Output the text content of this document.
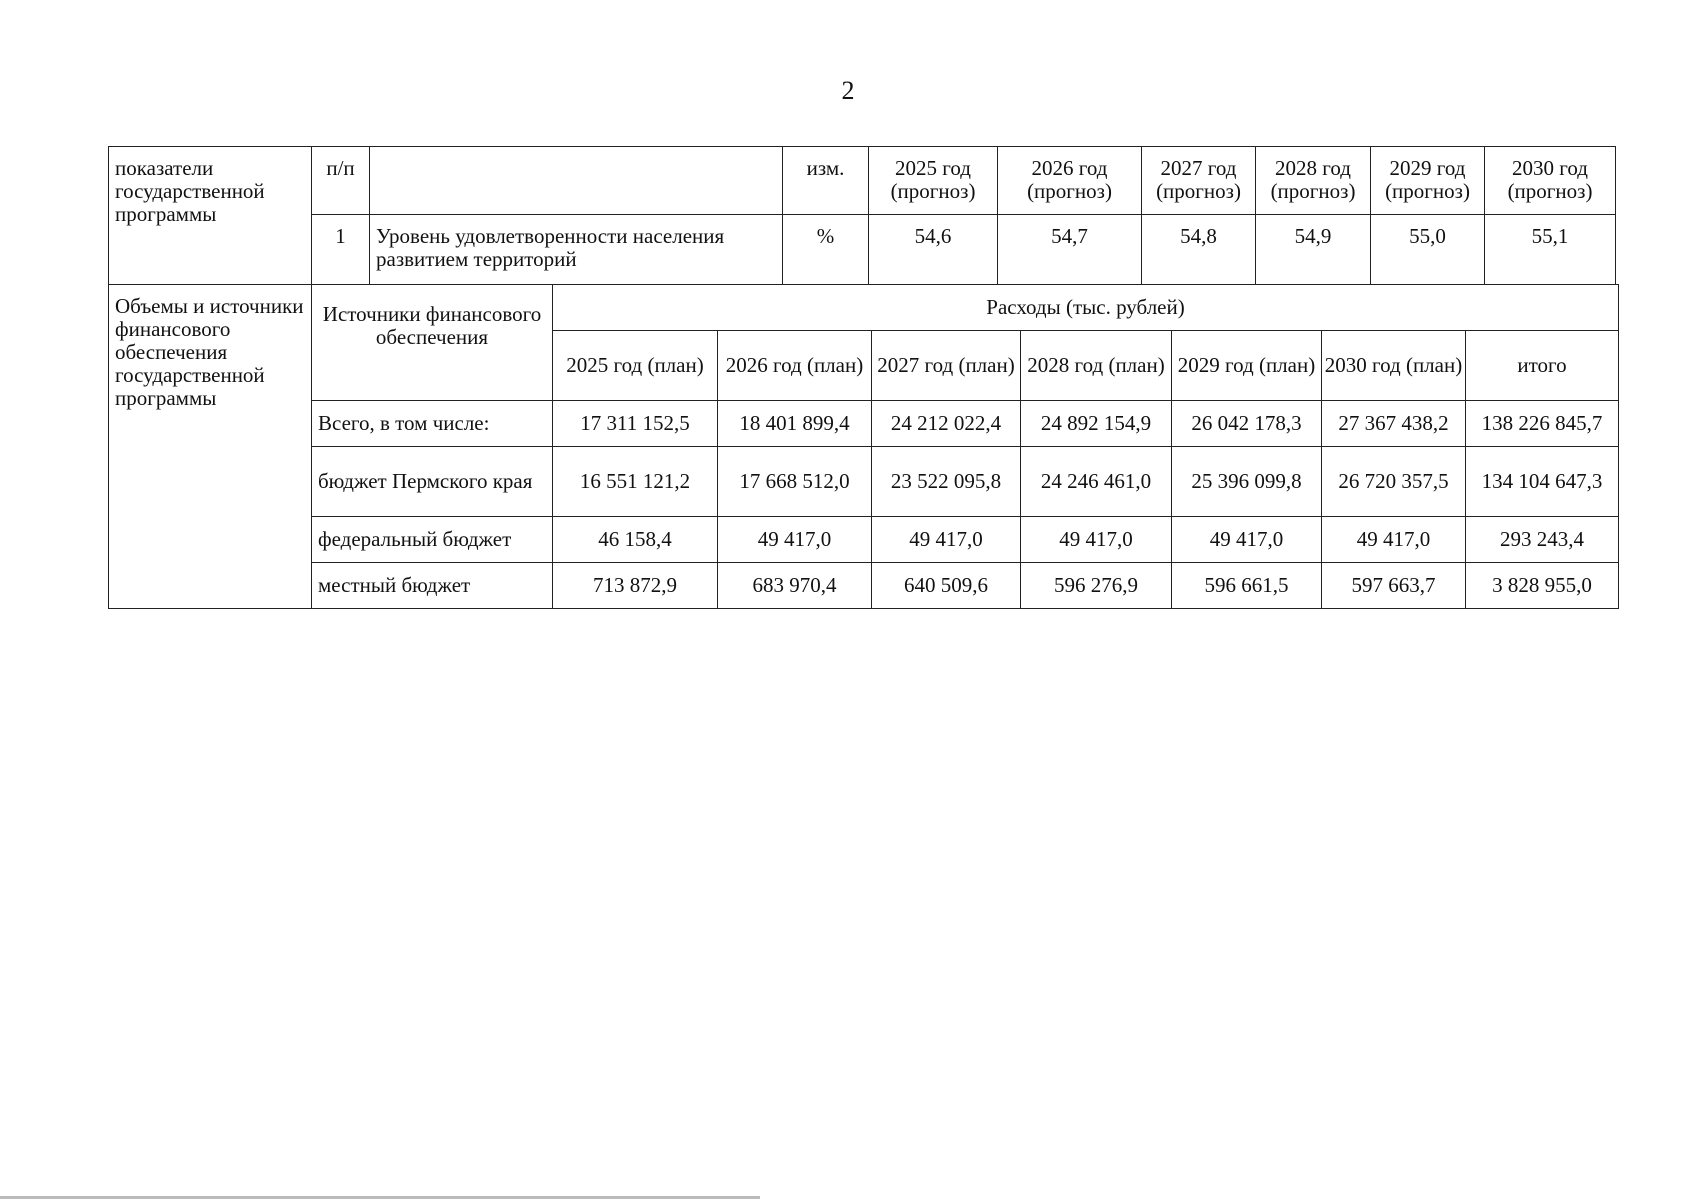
2
показатели государственной программы	п/п		изм.	2025 год (прогноз)	2026 год (прогноз)	2027 год (прогноз)	2028 год (прогноз)	2029 год (прогноз)	2030 год (прогноз)
	1	Уровень удовлетворенности населения развитием территорий	%	54,6	54,7	54,8	54,9	55,0	55,1
Объемы и источники финансового обеспечения государственной программы	Источники финансового обеспечения	Расходы (тыс. рублей)						
		2025 год (план)	2026 год (план)	2027 год (план)	2028 год (план)	2029 год (план)	2030 год (план)	итого
	Всего, в том числе:	17 311 152,5	18 401 899,4	24 212 022,4	24 892 154,9	26 042 178,3	27 367 438,2	138 226 845,7
	бюджет Пермского края	16 551 121,2	17 668 512,0	23 522 095,8	24 246 461,0	25 396 099,8	26 720 357,5	134 104 647,3
	федеральный бюджет	46 158,4	49 417,0	49 417,0	49 417,0	49 417,0	49 417,0	293 243,4
	местный бюджет	713 872,9	683 970,4	640 509,6	596 276,9	596 661,5	597 663,7	3 828 955,0
